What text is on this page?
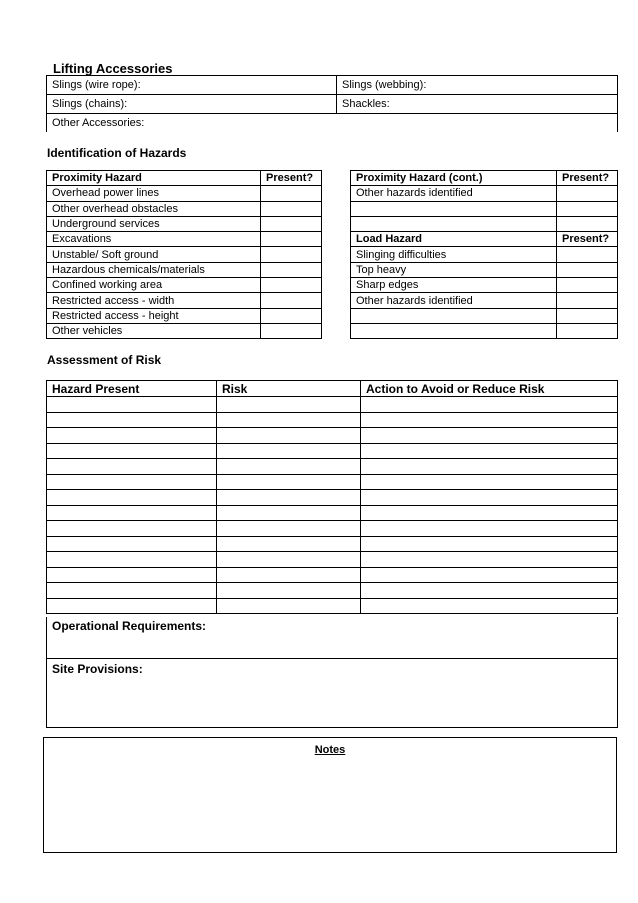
Lifting Accessories
Slings (wire rope):	Slings (webbing):
Slings (chains):	Shackles:
Other Accessories:	
Identification of Hazards
Proximity Hazard	Present?
Overhead power lines	
Other overhead obstacles	
Underground services	
Excavations	
Unstable/ Soft ground	
Hazardous chemicals/materials	
Confined working area	
Restricted access - width	
Restricted access - height	
Other vehicles	
Proximity Hazard (cont.)	Present?
Other hazards identified	

Load Hazard	Present?
Slinging difficulties	
Top heavy	
Sharp edges	
Other hazards identified	

Assessment of Risk
Hazard Present	Risk	Action to Avoid or Reduce Risk

Operational Requirements:
Site Provisions:
Notes
